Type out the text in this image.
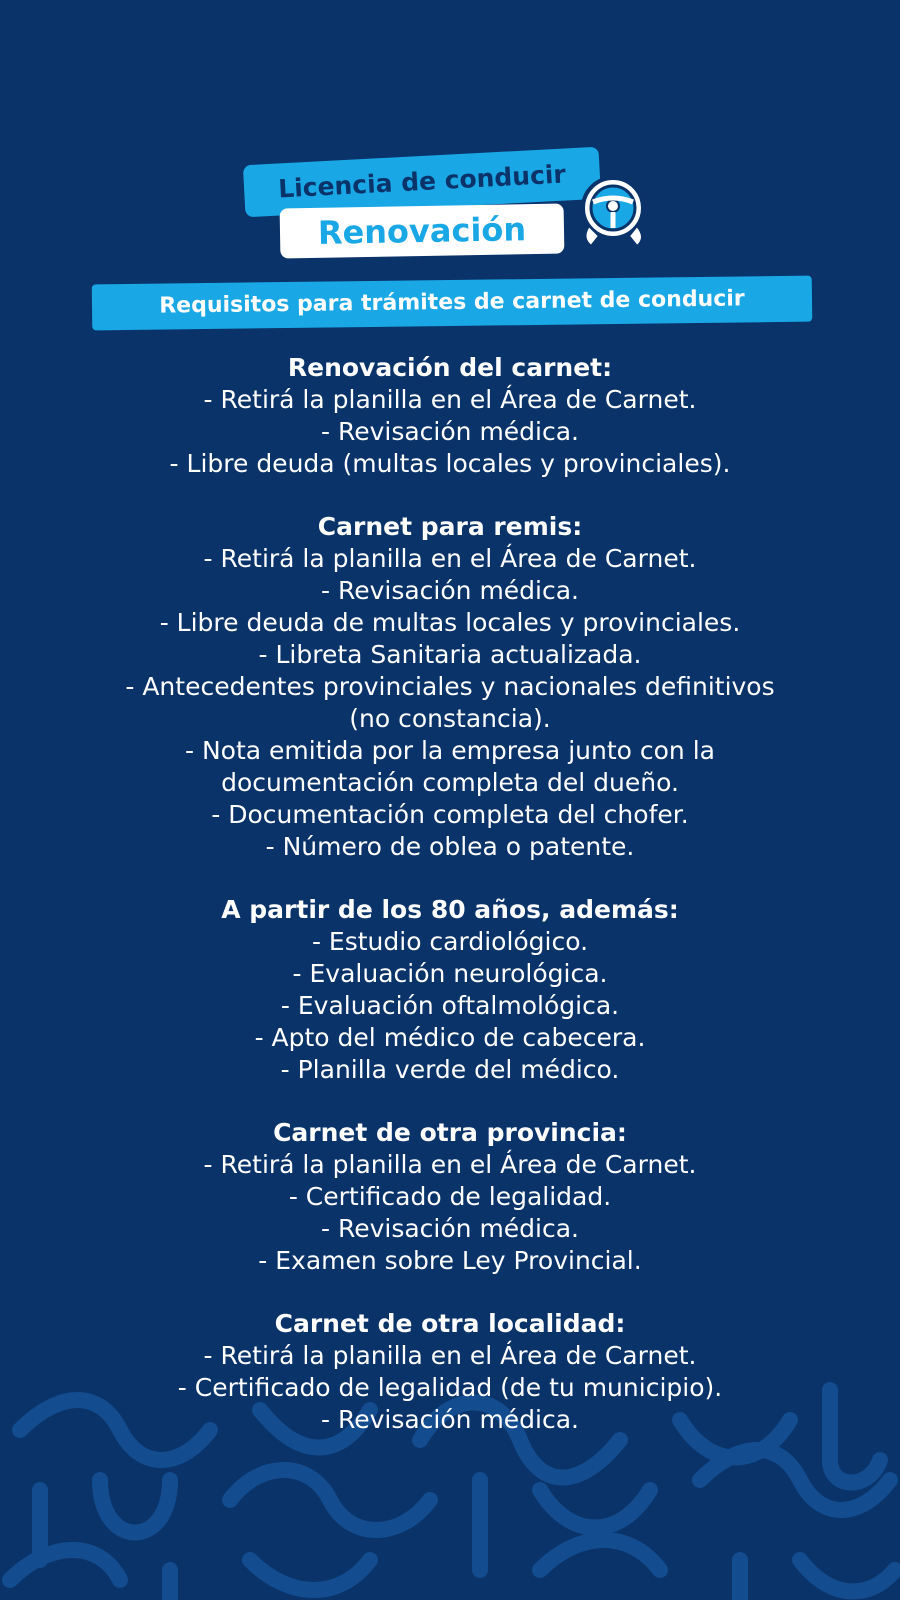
Licencia de conducir
Renovación
Requisitos para trámites de carnet de conducir

Renovación del carnet:

- Retirá la planilla en el Área de Carnet.
- Revisación médica.
- Libre deuda (multas locales y provinciales).

Carnet para remis:

- Retirá la planilla en el Área de Carnet.
- Revisación médica.
- Libre deuda de multas locales y provinciales.
- Libreta Sanitaria actualizada.
- Antecedentes provinciales y nacionales definitivos
(no constancia).
- Nota emitida por la empresa junto con la
documentación completa del dueño.
- Documentación completa del chofer.
- Número de oblea o patente.

A partir de los 80 años, además:

- Estudio cardiológico.
- Evaluación neurológica.
- Evaluación oftalmológica.
- Apto del médico de cabecera.
- Planilla verde del médico.

Carnet de otra provincia:

- Retirá la planilla en el Área de Carnet.
- Certificado de legalidad.
- Revisación médica.
- Examen sobre Ley Provincial.

Carnet de otra localidad:

- Retirá la planilla en el Área de Carnet.
- Certificado de legalidad (de tu municipio).
- Revisación médica.
